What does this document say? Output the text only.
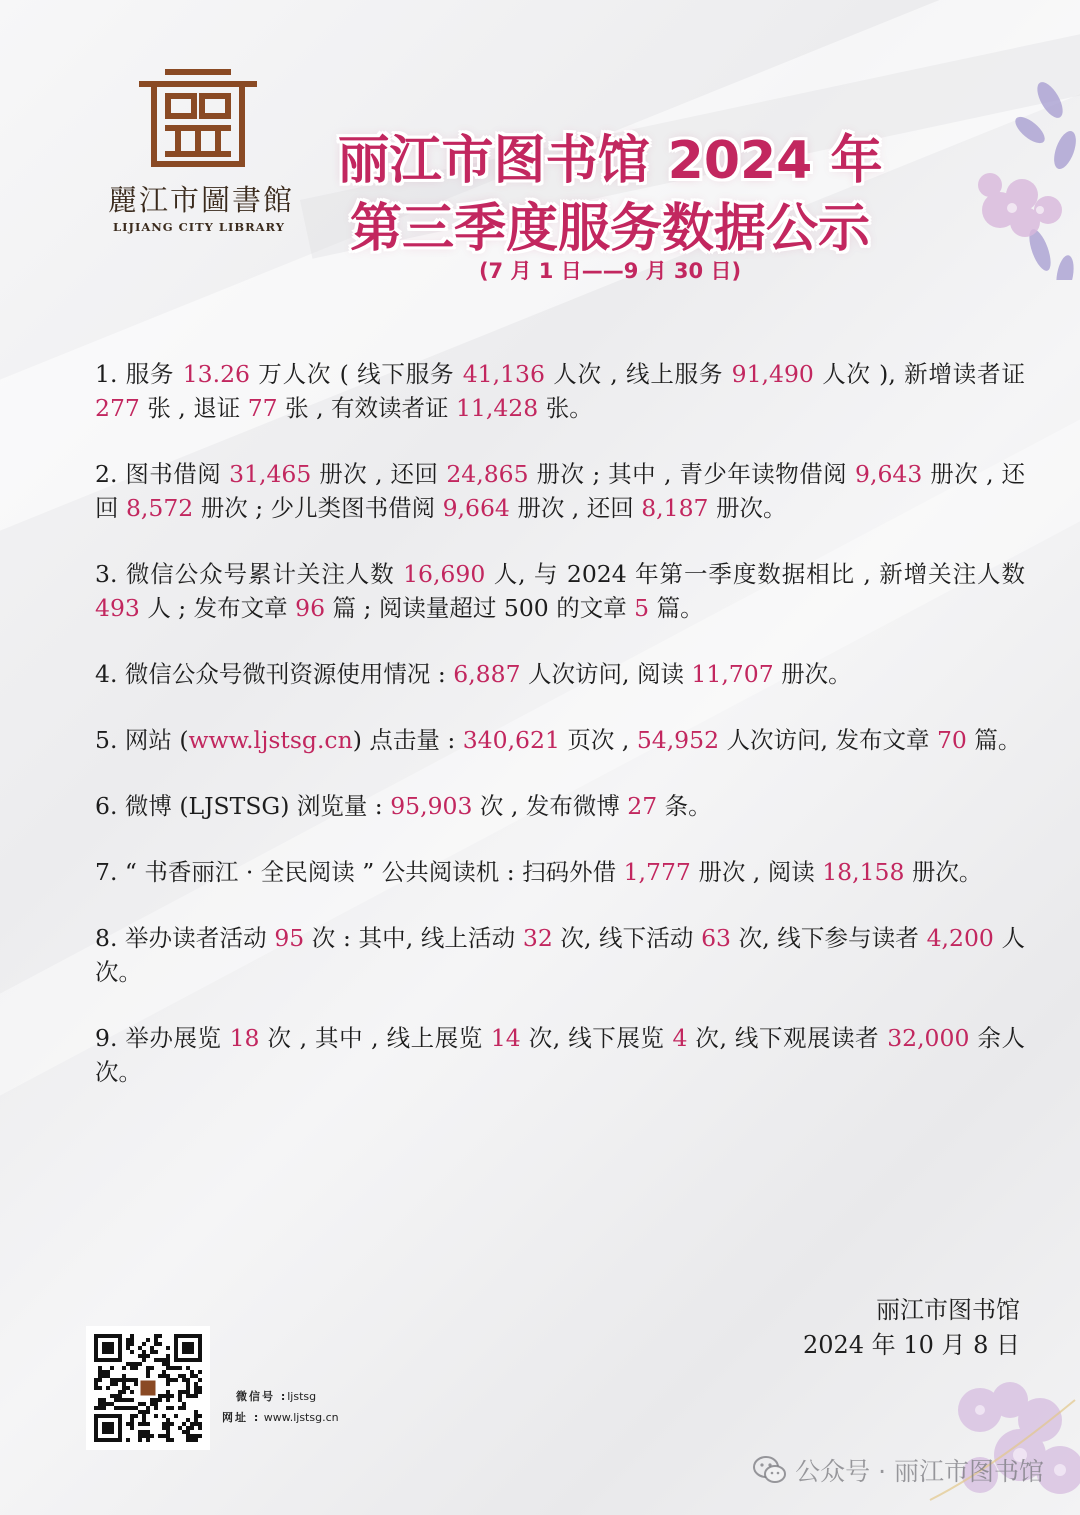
麗江市圖書館
LIJIANG CITY LIBRARY
丽江市图书馆 2024 年
第三季度服务数据公示
(7 月 1 日——9 月 30 日)

1. 服务 13.26 万人次 ( 线下服务 41,136 人次 , 线上服务 91,490 人次 ), 新增读者证 277 张 , 退证 77 张 , 有效读者证 11,428 张。

2. 图书借阅 31,465 册次 , 还回 24,865 册次 ; 其中 , 青少年读物借阅 9,643 册次 , 还回 8,572 册次 ; 少儿类图书借阅 9,664 册次 , 还回 8,187 册次。

3. 微信公众号累计关注人数 16,690 人, 与 2024 年第一季度数据相比 , 新增关注人数 493 人 ; 发布文章 96 篇 ; 阅读量超过 500 的文章 5 篇。

4. 微信公众号微刊资源使用情况 : 6,887 人次访问, 阅读 11,707 册次。

5. 网站 (www.ljstsg.cn) 点击量 : 340,621 页次 , 54,952 人次访问, 发布文章 70 篇。

6. 微博 (LJSTSG) 浏览量 : 95,903 次 , 发布微博 27 条。

7. “ 书香丽江 · 全民阅读 ” 公共阅读机 : 扫码外借 1,777 册次 , 阅读 18,158 册次。

8. 举办读者活动 95 次 : 其中, 线上活动 32 次, 线下活动 63 次, 线下参与读者 4,200 人次。

9. 举办展览 18 次 , 其中 , 线上展览 14 次, 线下展览 4 次, 线下观展读者 32,000 余人次。

丽江市图书馆
2024 年 10 月 8 日
微信号 :ljstsg
网址 : www.ljstsg.cn
公众号 · 丽江市图书馆
